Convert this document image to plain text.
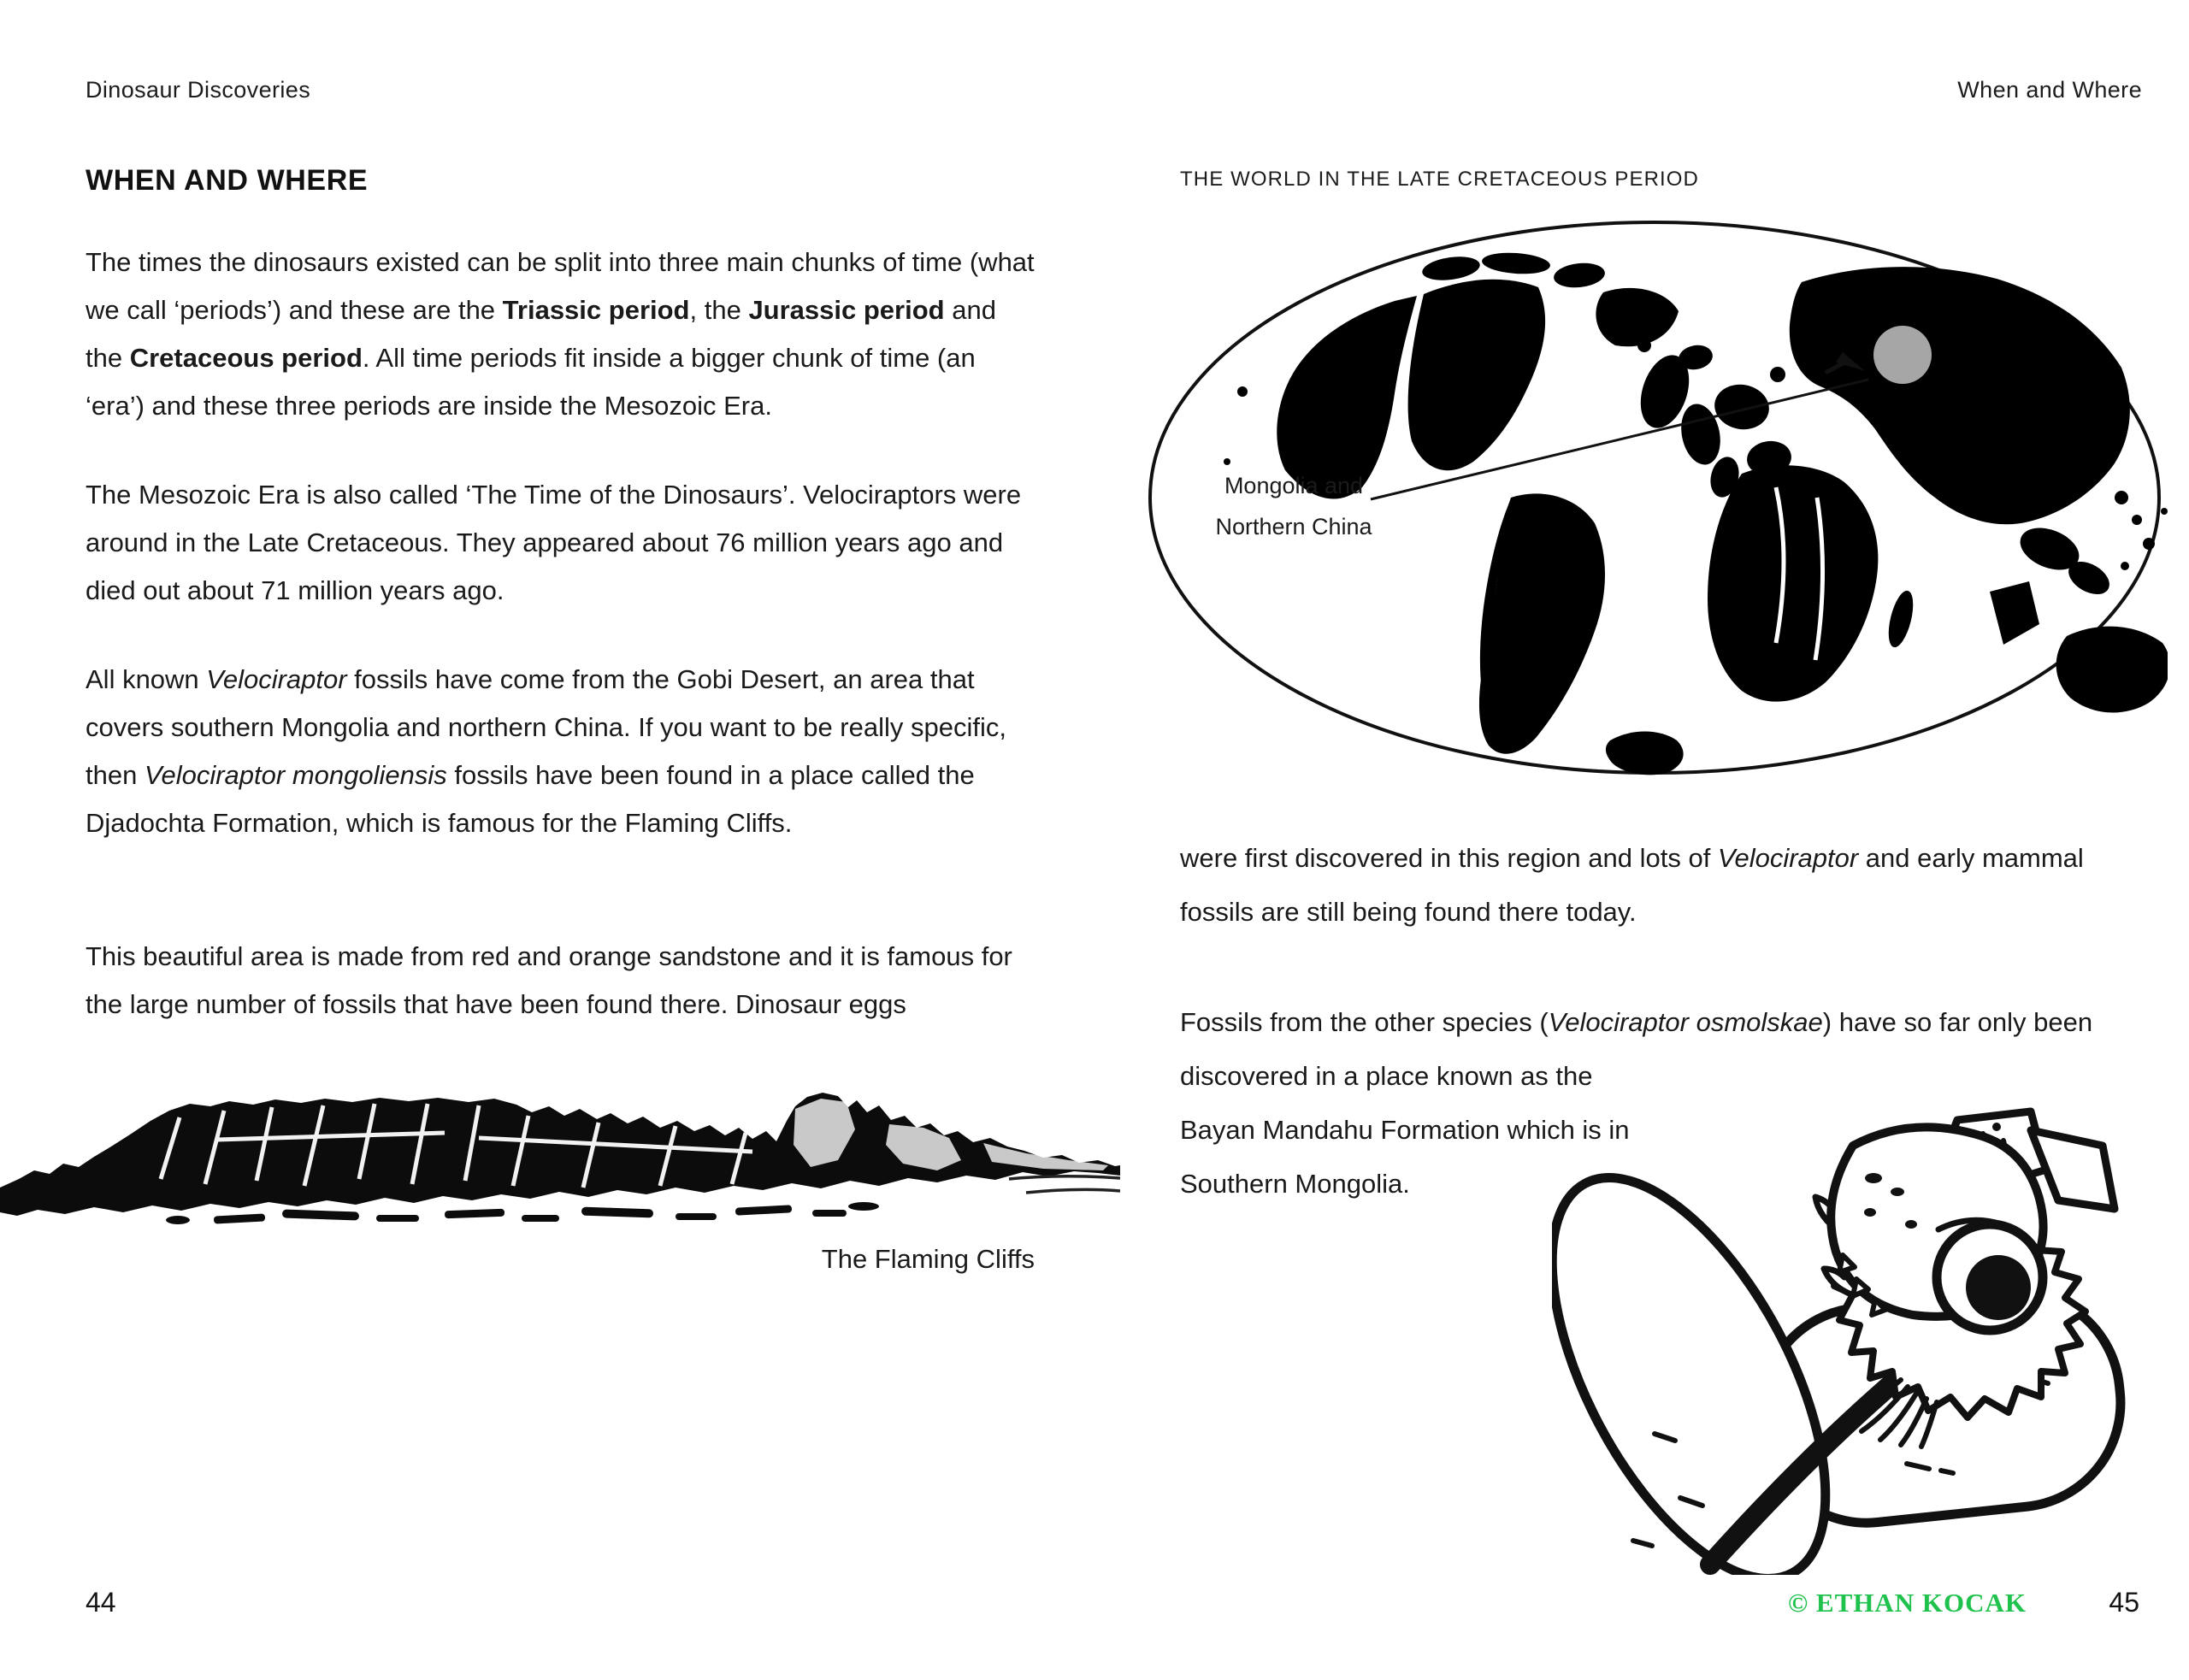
Dinosaur Discoveries
WHEN AND WHERE

The times the dinosaurs existed can be split into three main chunks of time (what we call ‘periods’) and these are the Triassic period, the Jurassic period and the Cretaceous period. All time periods fit inside a bigger chunk of time (an ‘era’) and these three periods are inside the Mesozoic Era.

The Mesozoic Era is also called ‘The Time of the Dinosaurs’. Velociraptors were around in the Late Cretaceous. They appeared about 76 million years ago and died out about 71 million years ago.

All known Velociraptor fossils have come from the Gobi Desert, an area that covers southern Mongolia and northern China. If you want to be really specific, then Velociraptor mongoliensis fossils have been found in a place called the Djadochta Formation, which is famous for the Flaming Cliffs.

This beautiful area is made from red and orange sandstone and it is famous for the large number of fossils that have been found there. Dinosaur eggs

The Flaming Cliffs
44
When and Where
THE WORLD IN THE LATE CRETACEOUS PERIOD
Mongolia and
Northern China

were first discovered in this region and lots of Velociraptor and early mammal fossils are still being found there today.

Fossils from the other species (Velociraptor osmolskae) have so far only been discovered in a place known as the Bayan Mandahu Formation which is in Southern Mongolia.

© ETHAN KOCAK	45
